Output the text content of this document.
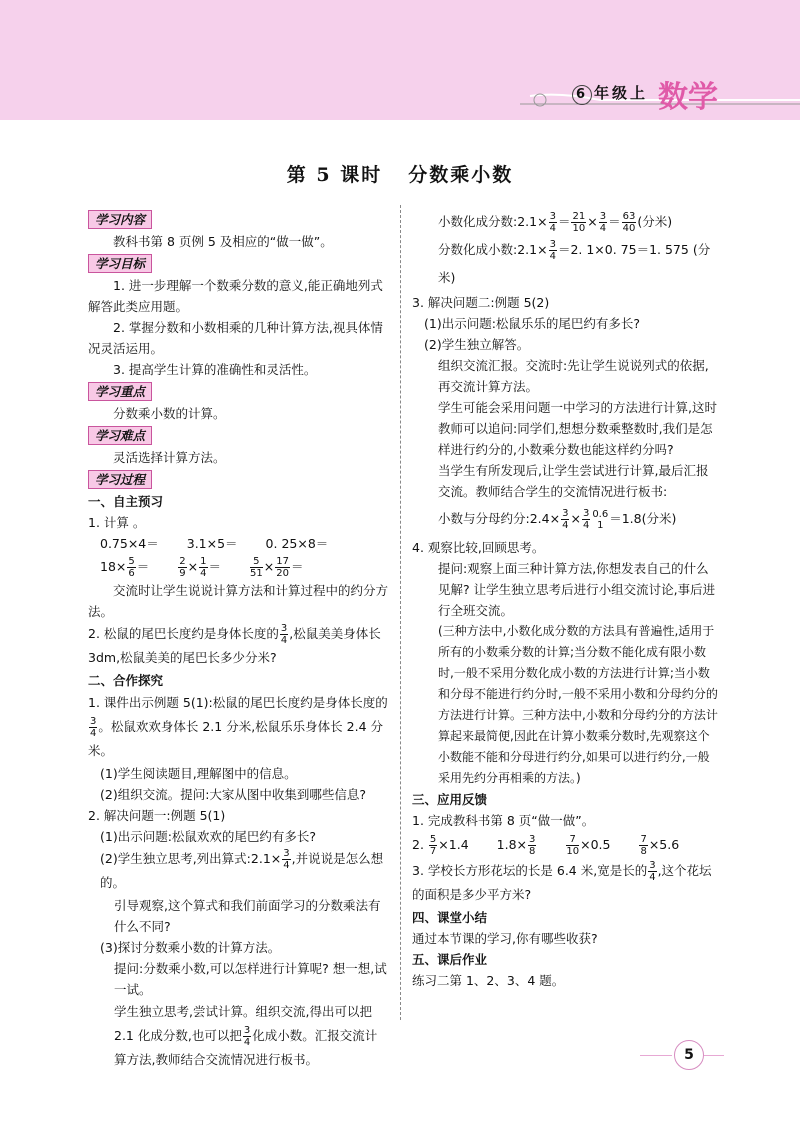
6 年级上 数学
第 5 课时 分数乘小数
学习内容

教科书第 8 页例 5 及相应的“做一做”。

学习目标

1. 进一步理解一个数乘分数的意义,能正确地列式解答此类应用题。

2. 掌握分数和小数相乘的几种计算方法,视具体情况灵活运用。

3. 提高学生计算的准确性和灵活性。

学习重点

分数乘小数的计算。

学习难点

灵活选择计算方法。

学习过程

一、自主预习

1. 计算 。

0.75×4＝ 3.1×5＝ 0. 25×8＝

$18\times \frac{5}{6}$ ＝	$\frac{2}{9} \times \frac{1}{4}$ ＝	$\frac{5}{51} \times \frac{17}{20}$ ＝

交流时让学生说说计算方法和计算过程中的约分方法。

2. 松鼠的尾巴长度约是身体长度的 $\frac{3}{4}$ ,松鼠美美身体长 3dm,松鼠美美的尾巴长多少分米?

二、合作探究

1. 课件出示例题 5(1):松鼠的尾巴长度约是身体长度的
$\frac{3}{4}$ 。松鼠欢欢身体长 2.1 分米,松鼠乐乐身体长 2.4 分米。

(1)学生阅读题目,理解图中的信息。

(2)组织交流。提问:大家从图中收集到哪些信息?

2. 解决问题一:例题 5(1)

(1)出示问题:松鼠欢欢的尾巴约有多长?

(2)学生独立思考,列出算式:2.1× $\frac{3}{4}$ ,并说说是怎么想的。

引导观察,这个算式和我们前面学习的分数乘法有什么不同?

(3)探讨分数乘小数的计算方法。

提问:分数乘小数,可以怎样进行计算呢? 想一想,试一试。

学生独立思考,尝试计算。组织交流,得出可以把 2.1 化成分数,也可以把 $\frac{3}{4}$ 化成小数。汇报交流计算方法,教师结合交流情况进行板书。

小数化成分数:2.1× $\frac{3}{4} = \frac{21}{10} \times \frac{3}{4} = \frac{63}{40}$ (分米)

分数化成小数:2.1× $\frac{3}{4} =2$. 1×0. 75＝1. 575 (分米)

3. 解决问题二:例题 5(2)

(1)出示问题:松鼠乐乐的尾巴约有多长?

(2)学生独立解答。

组织交流汇报。交流时:先让学生说说列式的依据,再交流计算方法。

学生可能会采用问题一中学习的方法进行计算,这时教师可以追问:同学们,想想分数乘整数时,我们是怎样进行约分的,小数乘分数也能这样约分吗?

当学生有所发现后,让学生尝试进行计算,最后汇报交流。教师结合学生的交流情况进行板书:

小数与分母约分:2.4× $\frac{3}{4} \times \frac{3}{4} 0.6$
1 ＝1.8(分米)

4. 观察比较,回顾思考。

提问:观察上面三种计算方法,你想发表自己的什么见解? 让学生独立思考后进行小组交流讨论,事后进行全班交流。

(三种方法中,小数化成分数的方法具有普遍性,适用于所有的小数乘分数的计算;当分数不能化成有限小数时,一般不采用分数化成小数的方法进行计算;当小数和分母不能进行约分时,一般不采用小数和分母约分的方法进行计算。三种方法中,小数和分母约分的方法计算起来最简便,因此在计算小数乘分数时,先观察这个小数能不能和分母进行约分,如果可以进行约分,一般采用先约分再相乘的方法。)

三、应用反馈

1. 完成教科书第 8 页“做一做”。

2. $\frac{5}{7} \times 1.4$ $1.8\times \frac{3}{8}$
	$\frac{7}{10} \times 0.5$	$\frac{7}{8} \times 5.6$

3. 学校长方形花坛的长是 6.4 米,宽是长的 $\frac{3}{4}$ ,这个花坛的面积是多少平方米?

四、课堂小结

通过本节课的学习,你有哪些收获?

五、课后作业

练习二第 1、2、3、4 题。

5
